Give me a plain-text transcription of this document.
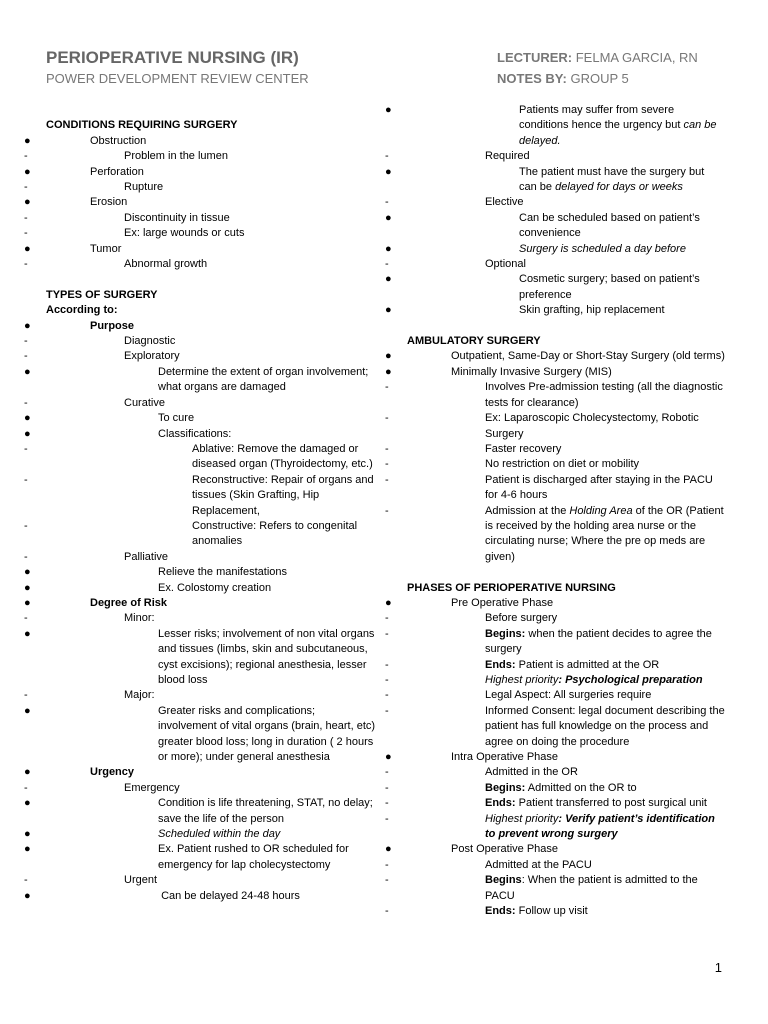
PERIOPERATIVE NURSING (IR)
POWER DEVELOPMENT REVIEW CENTER
LECTURER: FELMA GARCIA, RN
NOTES BY: GROUP 5
CONDITIONS REQUIRING SURGERY
●	Obstruction
-	Problem in the lumen
●	Perforation
-	Rupture
●	Erosion
-	Discontinuity in tissue
-	Ex: large wounds or cuts
●	Tumor
-	Abnormal growth
TYPES OF SURGERY
According to:
●	Purpose
-	Diagnostic
-	Exploratory
●	Determine the extent of organ involvement; what organs are damaged
-	Curative
●	To cure
●	Classifications:
-	Ablative: Remove the damaged or diseased organ (Thyroidectomy, etc.)
-	Reconstructive: Repair of organs and tissues (Skin Grafting, Hip Replacement,
-	Constructive: Refers to congenital anomalies
-	Palliative
●	Relieve the manifestations
●	Ex. Colostomy creation
●	Degree of Risk
-	Minor:
●	Lesser risks; involvement of non vital organs and tissues (limbs, skin and subcutaneous, cyst excisions); regional anesthesia, lesser blood loss
-	Major:
●	Greater risks and complications; involvement of vital organs (brain, heart, etc) greater blood loss; long in duration ( 2 hours or more); under general anesthesia
●	Urgency
-	Emergency
●	Condition is life threatening, STAT, no delay; save the life of the person
●	Scheduled within the day
●	Ex. Patient rushed to OR scheduled for emergency for lap cholecystectomy
-	Urgent
●	Can be delayed 24-48 hours
●	Patients may suffer from severe conditions hence the urgency but can be delayed.
-	Required
●	The patient must have the surgery but can be delayed for days or weeks
-	Elective
●	Can be scheduled based on patient’s convenience
●	Surgery is scheduled a day before
-	Optional
●	Cosmetic surgery; based on patient’s preference
●	Skin grafting, hip replacement
AMBULATORY SURGERY
●	Outpatient, Same-Day or Short-Stay Surgery (old terms)
●	Minimally Invasive Surgery (MIS)
-	Involves Pre-admission testing (all the diagnostic tests for clearance)
-	Ex: Laparoscopic Cholecystectomy, Robotic Surgery
-	Faster recovery
-	No restriction on diet or mobility
-	Patient is discharged after staying in the PACU for 4-6 hours
-	Admission at the Holding Area of the OR (Patient is received by the holding area nurse or the circulating nurse; Where the pre op meds are given)
PHASES OF PERIOPERATIVE NURSING
●	Pre Operative Phase
-	Before surgery
-	Begins: when the patient decides to agree the surgery
-	Ends: Patient is admitted at the OR
-	Highest priority: Psychological preparation
-	Legal Aspect: All surgeries require
-	Informed Consent: legal document describing the patient has full knowledge on the process and agree on doing the procedure
●	Intra Operative Phase
-	Admitted in the OR
-	Begins: Admitted on the OR to
-	Ends: Patient transferred to post surgical unit
-	Highest priority: Verify patient’s identification to prevent wrong surgery
●	Post Operative Phase
-	Admitted at the PACU
-	Begins: When the patient is admitted to the PACU
-	Ends: Follow up visit
1
